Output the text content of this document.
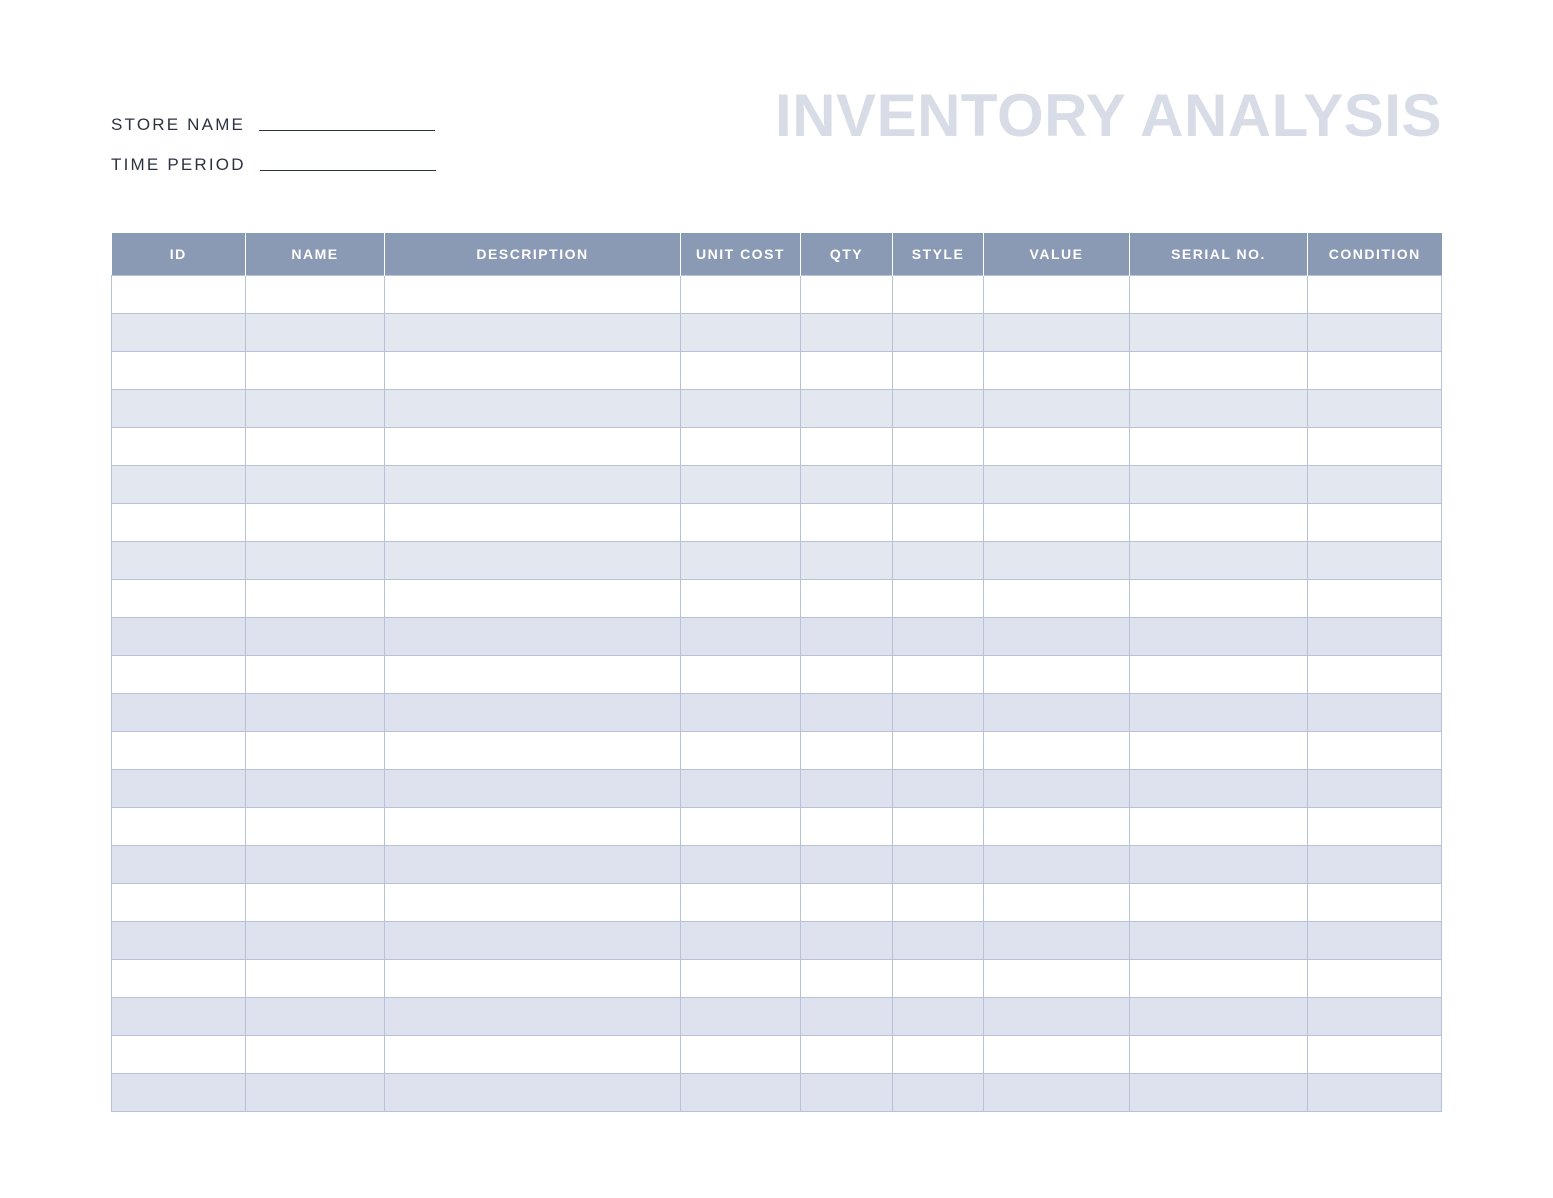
STORE NAME
TIME PERIOD
INVENTORY ANALYSIS
ID	NAME	DESCRIPTION	UNIT COST	QTY	STYLE	VALUE	SERIAL NO.	CONDITION
